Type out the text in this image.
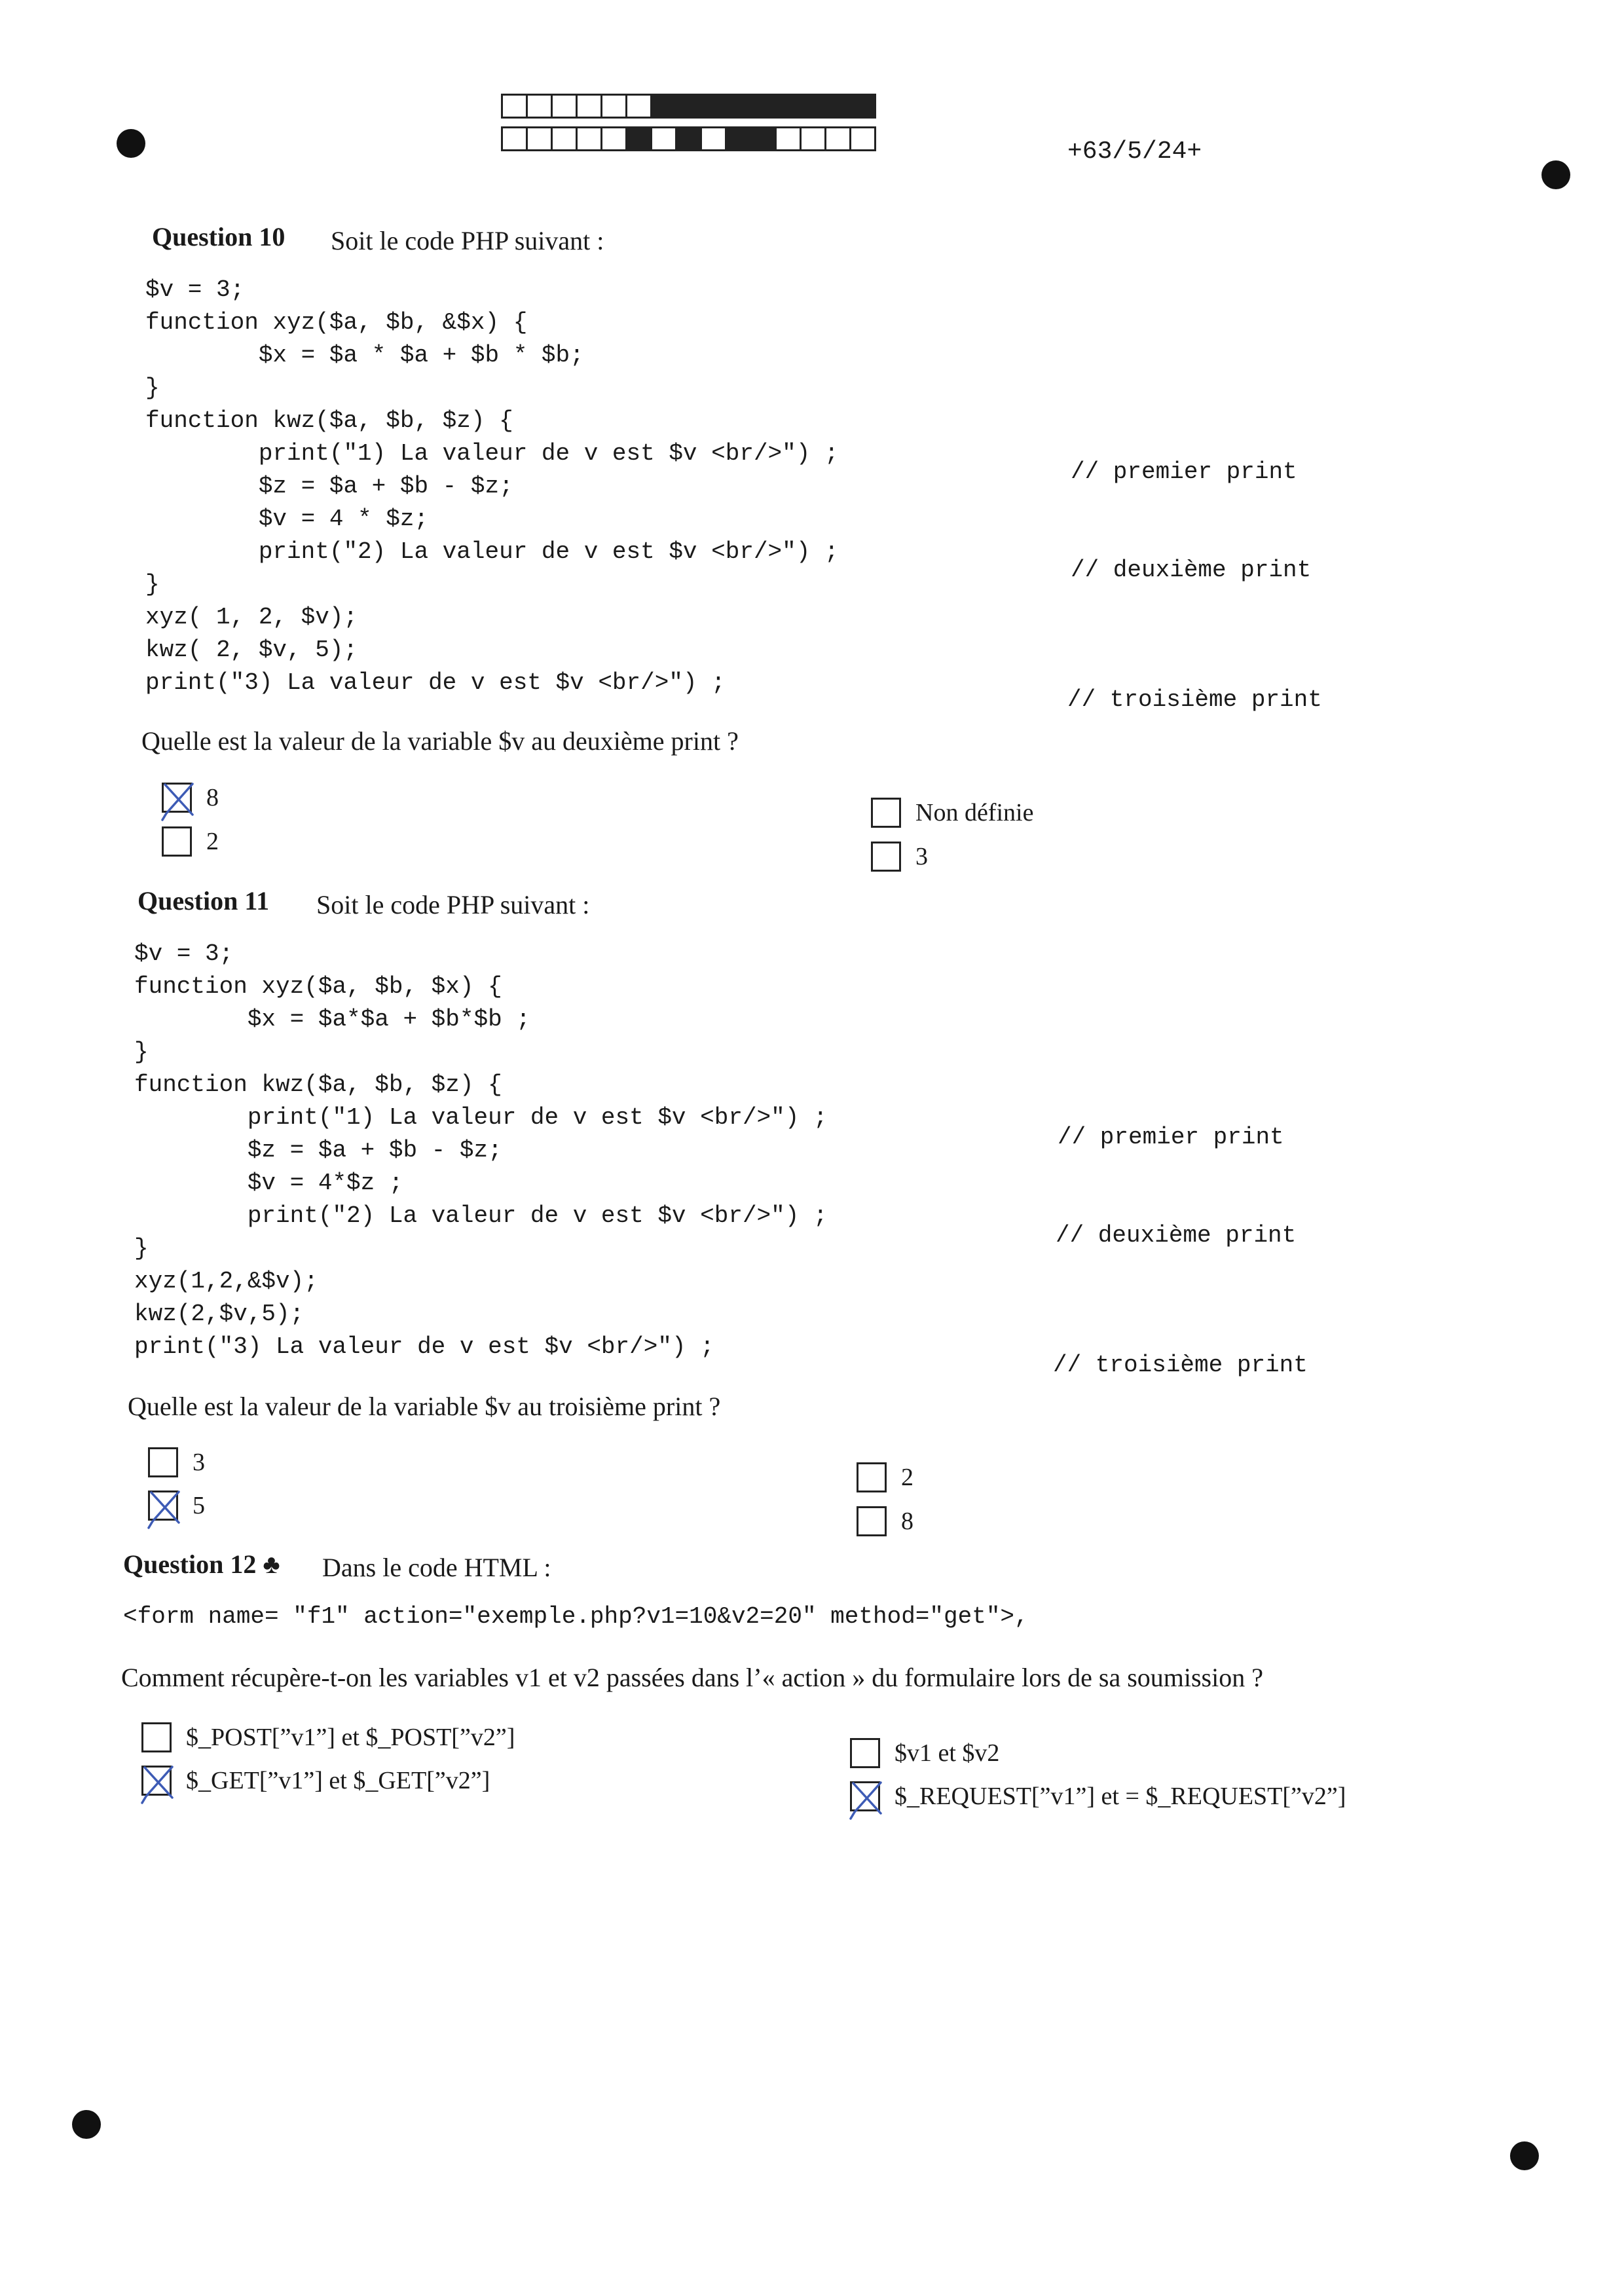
+63/5/24+
Question 10 Soit le code PHP suivant :
$v = 3;
function xyz($a, $b, &$x) {
$x = $a * $a + $b * $b;
}
function kwz($a, $b, $z) {
print("1) La valeur de v est $v <br/>") ;
$z = $a + $b - $z;
$v = 4 * $z;
print("2) La valeur de v est $v <br/>") ;
}
xyz( 1, 2, $v);
kwz( 2, $v, 5);
print("3) La valeur de v est $v <br/>") ;
// premier print
// deuxième print
// troisième print
Quelle est la valeur de la variable $v au deuxième print ?
8
2
Non définie
3
Question 11 Soit le code PHP suivant :
$v = 3;
function xyz($a, $b, $x) {
$x = $a*$a + $b*$b ;
}
function kwz($a, $b, $z) {
print("1) La valeur de v est $v <br/>") ;
$z = $a + $b - $z;
$v = 4*$z ;
print("2) La valeur de v est $v <br/>") ;
}
xyz(1,2,&$v);
kwz(2,$v,5);
print("3) La valeur de v est $v <br/>") ;
// premier print
// deuxième print
// troisième print
Quelle est la valeur de la variable $v au troisième print ?
3
5
2
8
Question 12 ♣ Dans le code HTML :
<form name= "f1" action="exemple.php?v1=10&v2=20" method="get">,
Comment récupère-t-on les variables v1 et v2 passées dans l’« action » du formulaire lors de sa soumission ?
$_POST[”v1”] et $_POST[”v2”]
$_GET[”v1”] et $_GET[”v2”]
$v1 et $v2
$_REQUEST[”v1”] et = $_REQUEST[”v2”]
